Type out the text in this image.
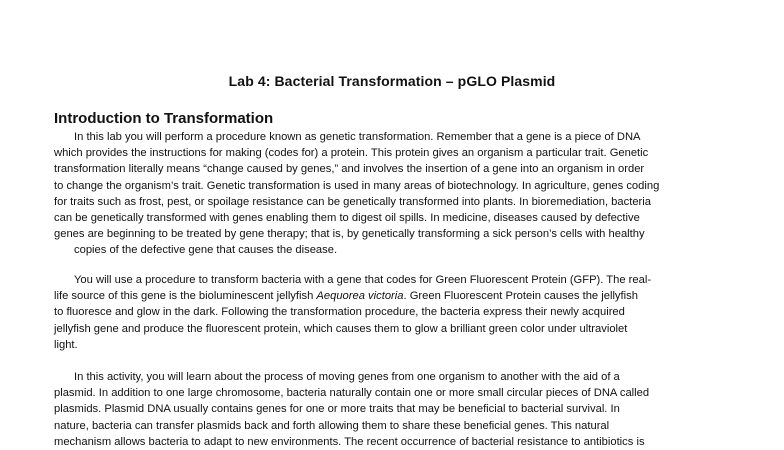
Lab 4: Bacterial Transformation – pGLO Plasmid
Introduction to Transformation
In this lab you will perform a procedure known as genetic transformation. Remember that a gene is a piece of DNA
which provides the instructions for making (codes for) a protein. This protein gives an organism a particular trait. Genetic
transformation literally means “change caused by genes,” and involves the insertion of a gene into an organism in order
to change the organism’s trait. Genetic transformation is used in many areas of biotechnology. In agriculture, genes coding
for traits such as frost, pest, or spoilage resistance can be genetically transformed into plants. In bioremediation, bacteria
can be genetically transformed with genes enabling them to digest oil spills. In medicine, diseases caused by defective
genes are beginning to be treated by gene therapy; that is, by genetically transforming a sick person’s cells with healthy
copies of the defective gene that causes the disease.
You will use a procedure to transform bacteria with a gene that codes for Green Fluorescent Protein (GFP). The real-
life source of this gene is the bioluminescent jellyfish Aequorea victoria. Green Fluorescent Protein causes the jellyfish
to fluoresce and glow in the dark. Following the transformation procedure, the bacteria express their newly acquired
jellyfish gene and produce the fluorescent protein, which causes them to glow a brilliant green color under ultraviolet
light.
In this activity, you will learn about the process of moving genes from one organism to another with the aid of a
plasmid. In addition to one large chromosome, bacteria naturally contain one or more small circular pieces of DNA called
plasmids. Plasmid DNA usually contains genes for one or more traits that may be beneficial to bacterial survival. In
nature, bacteria can transfer plasmids back and forth allowing them to share these beneficial genes. This natural
mechanism allows bacteria to adapt to new environments. The recent occurrence of bacterial resistance to antibiotics is
